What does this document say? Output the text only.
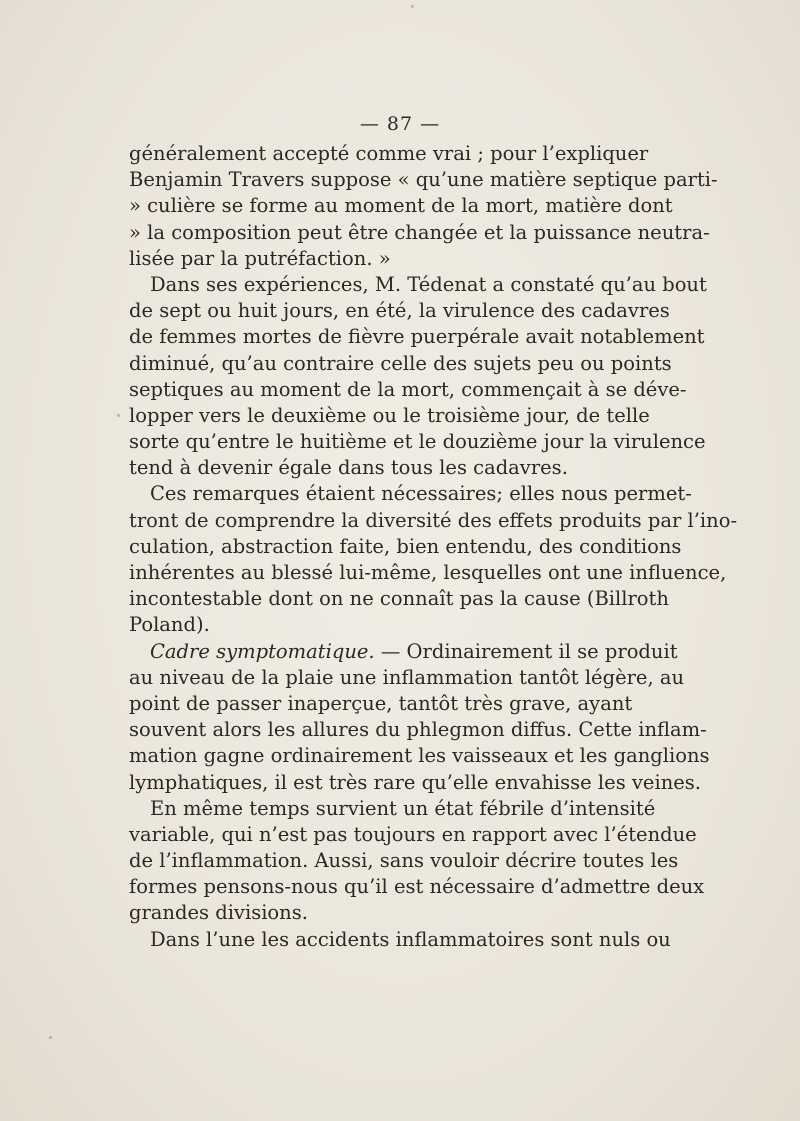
— 87 —
généralement accepté comme vrai ; pour l’expliquer
Benjamin Travers suppose « qu’une matière septique parti-
» culière se forme au moment de la mort, matière dont
» la composition peut être changée et la puissance neutra-
lisée par la putréfaction. »
Dans ses expériences, M. Tédenat a constaté qu’au bout
de sept ou huit jours, en été, la virulence des cadavres
de femmes mortes de fièvre puerpérale avait notablement
diminué, qu’au contraire celle des sujets peu ou points
septiques au moment de la mort, commençait à se déve-
lopper vers le deuxième ou le troisième jour, de telle
sorte qu’entre le huitième et le douzième jour la virulence
tend à devenir égale dans tous les cadavres.
Ces remarques étaient nécessaires; elles nous permet-
tront de comprendre la diversité des effets produits par l’ino-
culation, abstraction faite, bien entendu, des conditions
inhérentes au blessé lui-même, lesquelles ont une influence,
incontestable dont on ne connaît pas la cause (Billroth
Poland).
Cadre symptomatique. — Ordinairement il se produit
au niveau de la plaie une inflammation tantôt légère, au
point de passer inaperçue, tantôt très grave, ayant
souvent alors les allures du phlegmon diffus. Cette inflam-
mation gagne ordinairement les vaisseaux et les ganglions
lymphatiques, il est très rare qu’elle envahisse les veines.
En même temps survient un état fébrile d’intensité
variable, qui n’est pas toujours en rapport avec l’étendue
de l’inflammation. Aussi, sans vouloir décrire toutes les
formes pensons-nous qu’il est nécessaire d’admettre deux
grandes divisions.
Dans l’une les accidents inflammatoires sont nuls ou
